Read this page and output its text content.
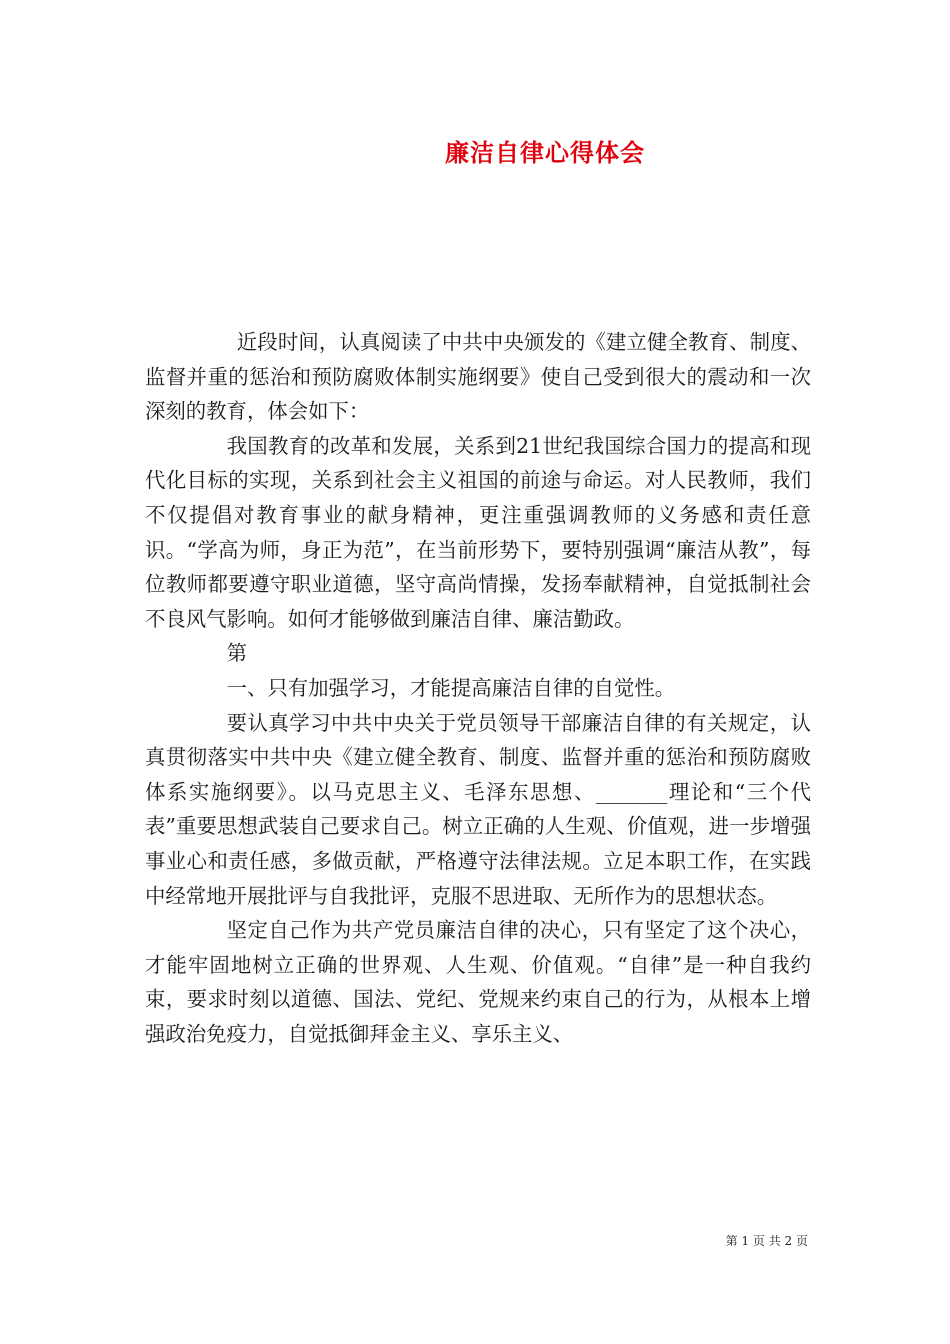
廉洁自律心得体会

近段时间，认真阅读了中共中央颁发的《建立健全教育、制度、监督并重的惩治和预防腐败体制实施纲要》使自己受到很大的震动和一次深刻的教育，体会如下：

我国教育的改革和发展，关系到21世纪我国综合国力的提高和现代化目标的实现，关系到社会主义祖国的前途与命运。对人民教师，我们不仅提倡对教育事业的献身精神，更注重强调教师的义务感和责任意识。“学高为师，身正为范”，在当前形势下，要特别强调“廉洁从教”，每位教师都要遵守职业道德，坚守高尚情操，发扬奉献精神，自觉抵制社会不良风气影响。如何才能够做到廉洁自律、廉洁勤政。

第

一、只有加强学习，才能提高廉洁自律的自觉性。

要认真学习中共中央关于党员领导干部廉洁自律的有关规定，认真贯彻落实中共中央《建立健全教育、制度、监督并重的惩治和预防腐败体系实施纲要》。以马克思主义、毛泽东思想、_______理论和“三个代表”重要思想武装自己要求自己。树立正确的人生观、价值观，进一步增强事业心和责任感，多做贡献，严格遵守法律法规。立足本职工作，在实践中经常地开展批评与自我批评，克服不思进取、无所作为的思想状态。

坚定自己作为共产党员廉洁自律的决心，只有坚定了这个决心，才能牢固地树立正确的世界观、人生观、价值观。“自律”是一种自我约束，要求时刻以道德、国法、党纪、党规来约束自己的行为，从根本上增强政治免疫力，自觉抵御拜金主义、享乐主义、

第 1 页 共 2 页
